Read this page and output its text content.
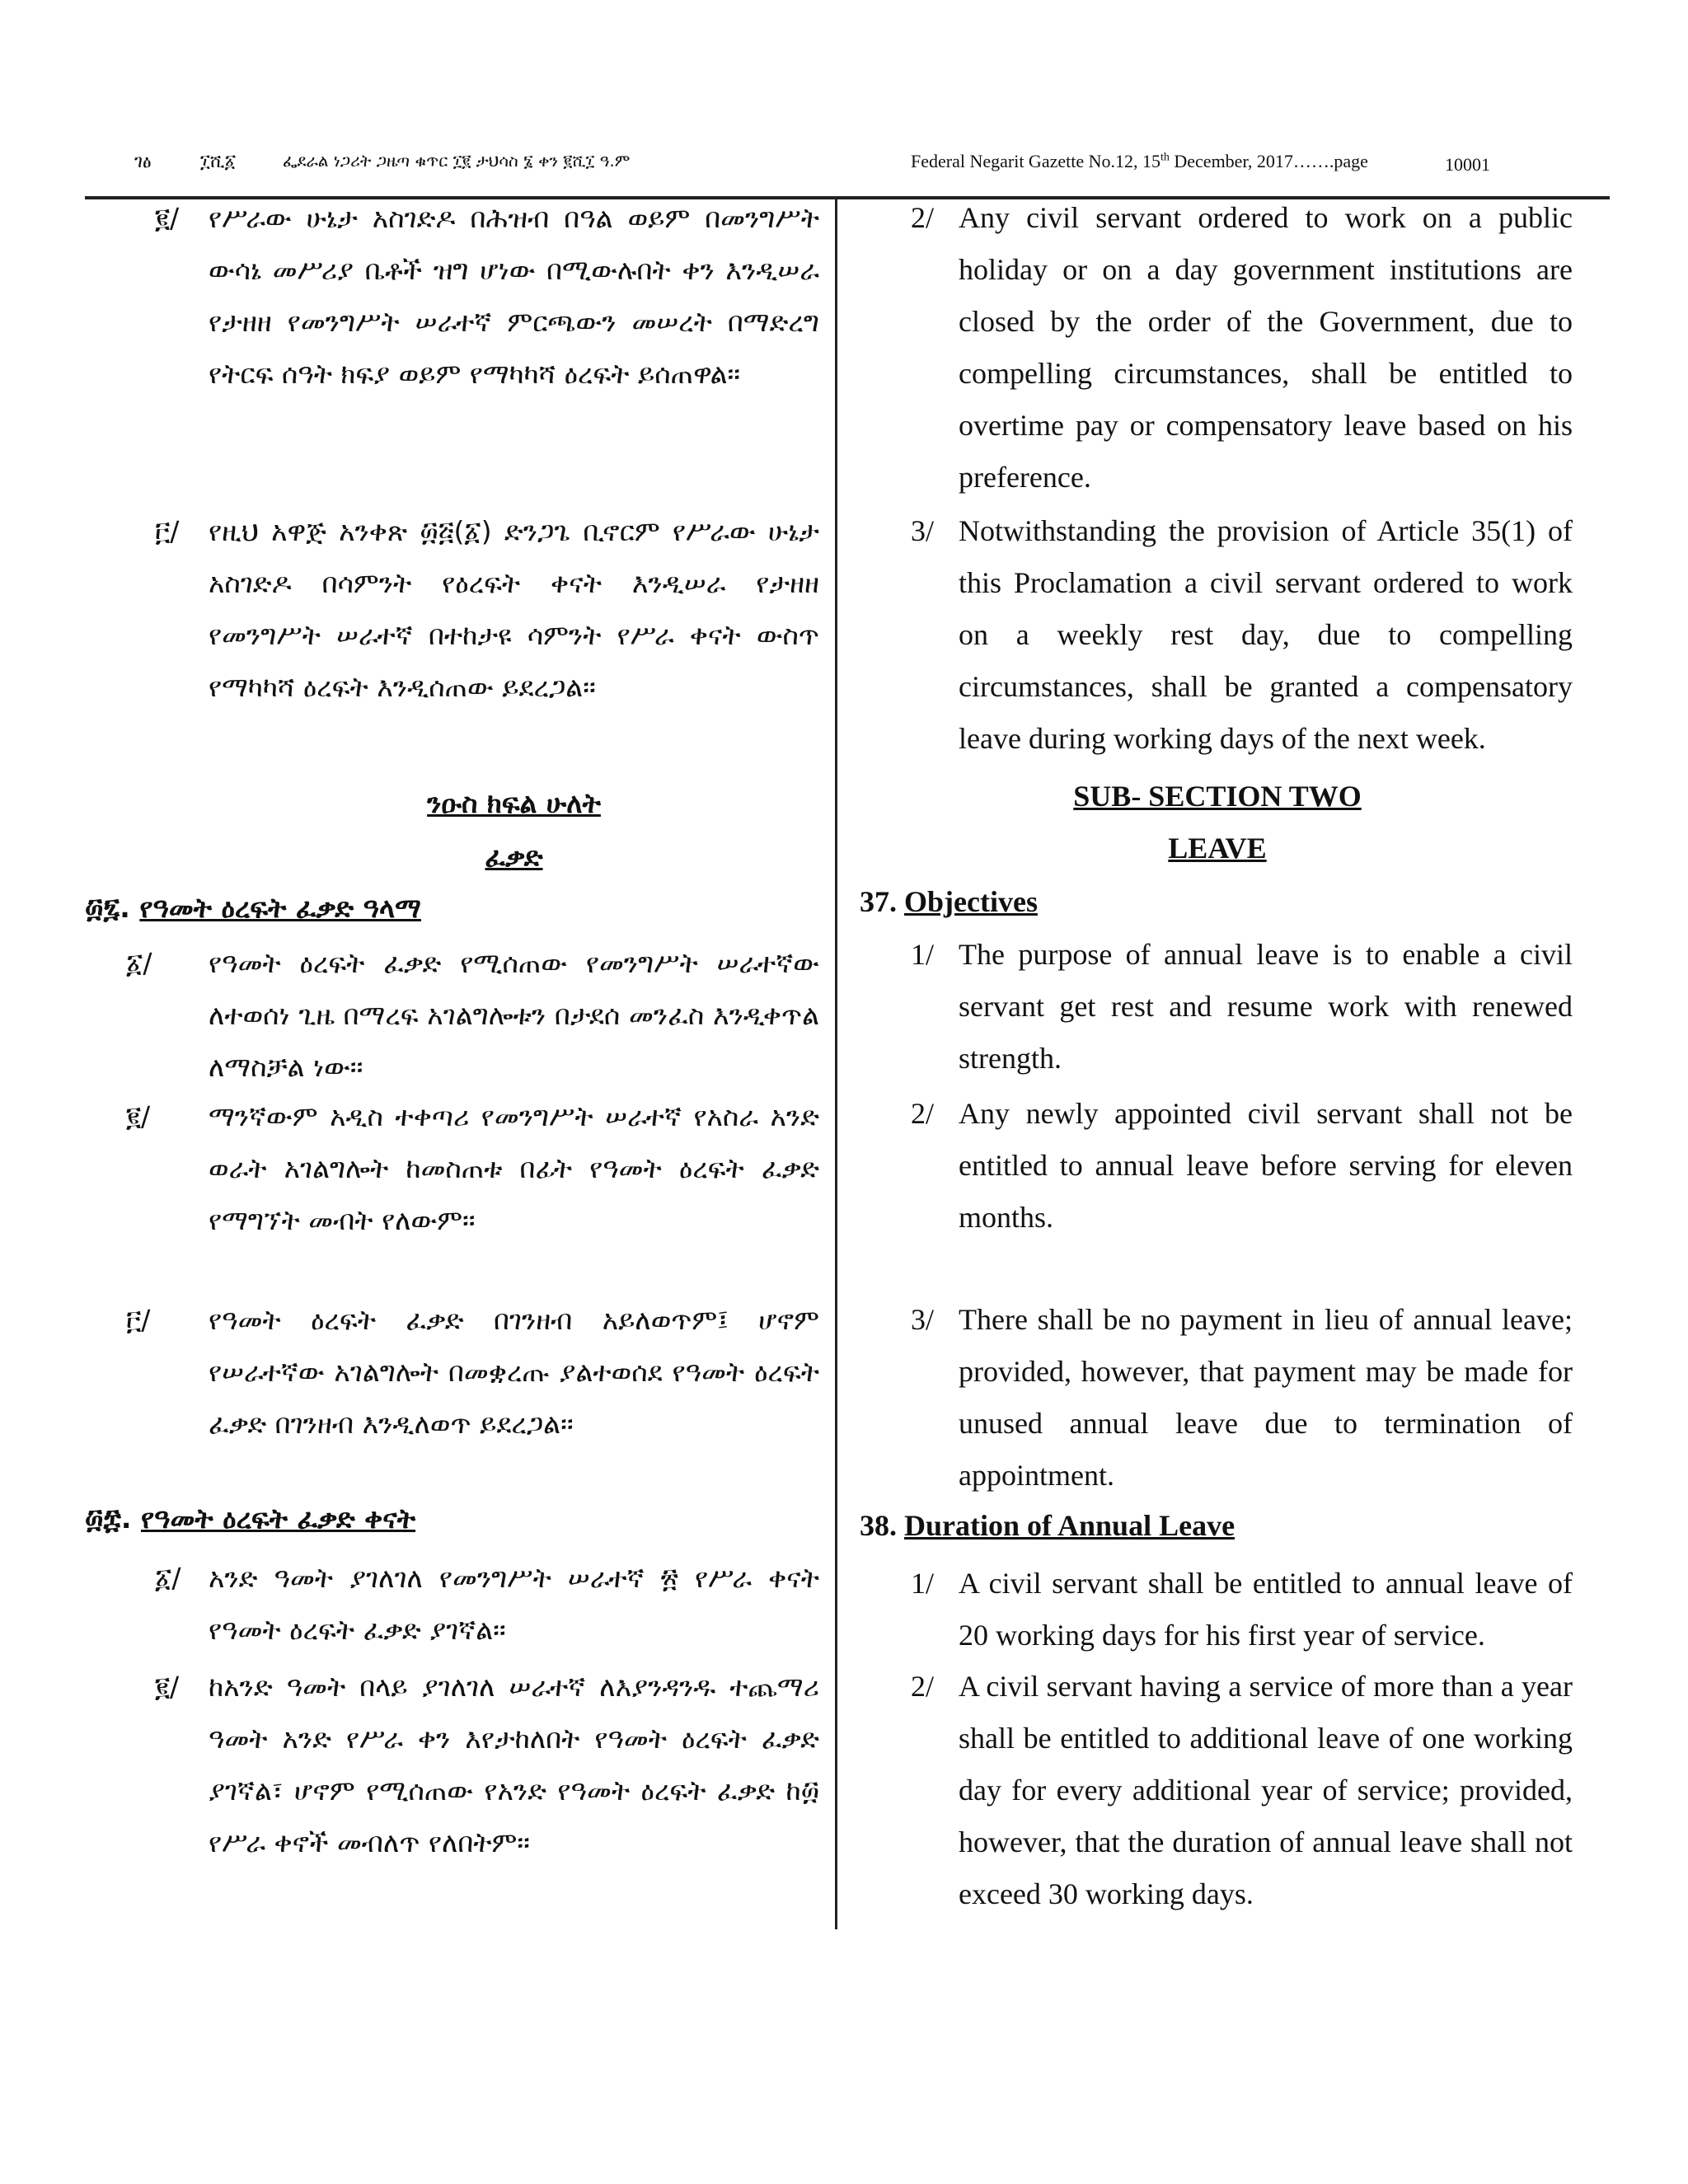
ገፅ	፲ሺ፩	ፌደራል ነጋሪት ጋዜጣ ቁጥር ፲፪ ታህሳስ ፮ ቀን ፪ሺ፲ ዓ.ም	Federal Negarit Gazette No.12, 15th December, 2017…….page	10001
፪/ የሥራው ሁኔታ አስገድዶ በሕዝብ በዓል ወይም በመንግሥት ውሳኔ መሥሪያ ቤቶች ዝግ ሆነው በሚውሉበት ቀን እንዲሠራ የታዘዘ የመንግሥት ሠራተኛ ምርጫውን መሠረት በማድረግ የትርፍ ሰዓት ክፍያ ወይም የማካካሻ ዕረፍት ይሰጠዋል፡፡
፫/ የዚህ አዋጅ አንቀጽ ፴፭(፩) ድንጋጌ ቢኖርም የሥራው ሁኔታ አስገድዶ በሳምንት የዕረፍት ቀናት እንዲሠራ የታዘዘ የመንግሥት ሠራተኛ በተከታዩ ሳምንት የሥራ ቀናት ውስጥ የማካካሻ ዕረፍት እንዲሰጠው ይደረጋል፡፡
ንዑስ ክፍል ሁለት
ፈቃድ
፴፯. የዓመት ዕረፍት ፈቃድ ዓላማ
፩/ የዓመት ዕረፍት ፈቃድ የሚሰጠው የመንግሥት ሠራተኛው ለተወሰነ ጊዜ በማረፍ አገልግሎቱን በታደሰ መንፈስ እንዲቀጥል ለማስቻል ነው፡፡
፪/ ማንኛውም አዲስ ተቀጣሪ የመንግሥት ሠራተኛ የአስራ አንድ ወራት አገልግሎት ከመስጠቱ በፊት የዓመት ዕረፍት ፈቃድ የማግኘት መብት የለውም፡፡
፫/ የዓመት ዕረፍት ፈቃድ በገንዘብ አይለወጥም፤ ሆኖም የሠራተኛው አገልግሎት በመቋረጡ ያልተወሰደ የዓመት ዕረፍት ፈቃድ በገንዘብ እንዲለወጥ ይደረጋል፡፡
፴፰. የዓመት ዕረፍት ፈቃድ ቀናት
፩/ አንድ ዓመት ያገለገለ የመንግሥት ሠራተኛ ፳ የሥራ ቀናት የዓመት ዕረፍት ፈቃድ ያገኛል፡፡
፪/ ከአንድ ዓመት በላይ ያገለገለ ሠራተኛ ለእያንዳንዱ ተጨማሪ ዓመት አንድ የሥራ ቀን እየታከለበት የዓመት ዕረፍት ፈቃድ ያገኛል፣ ሆኖም የሚሰጠው የአንድ የዓመት ዕረፍት ፈቃድ ከ፴ የሥራ ቀኖች መብለጥ የለበትም፡፡
2/ Any civil servant ordered to work on a public holiday or on a day government institutions are closed by the order of the Government, due to compelling circumstances, shall be entitled to overtime pay or compensatory leave based on his preference.
3/ Notwithstanding the provision of Article 35(1) of this Proclamation a civil servant ordered to work on a weekly rest day, due to compelling circumstances, shall be granted a compensatory leave during working days of the next week.
SUB- SECTION TWO
LEAVE
37. Objectives
1/ The purpose of annual leave is to enable a civil servant get rest and resume work with renewed strength.
2/ Any newly appointed civil servant shall not be entitled to annual leave before serving for eleven months.
3/ There shall be no payment in lieu of annual leave; provided, however, that payment may be made for unused annual leave due to termination of appointment.
38. Duration of Annual Leave
1/ A civil servant shall be entitled to annual leave of 20 working days for his first year of service.
2/ A civil servant having a service of more than a year shall be entitled to additional leave of one working day for every additional year of service; provided, however, that the duration of annual leave shall not exceed 30 working days.
